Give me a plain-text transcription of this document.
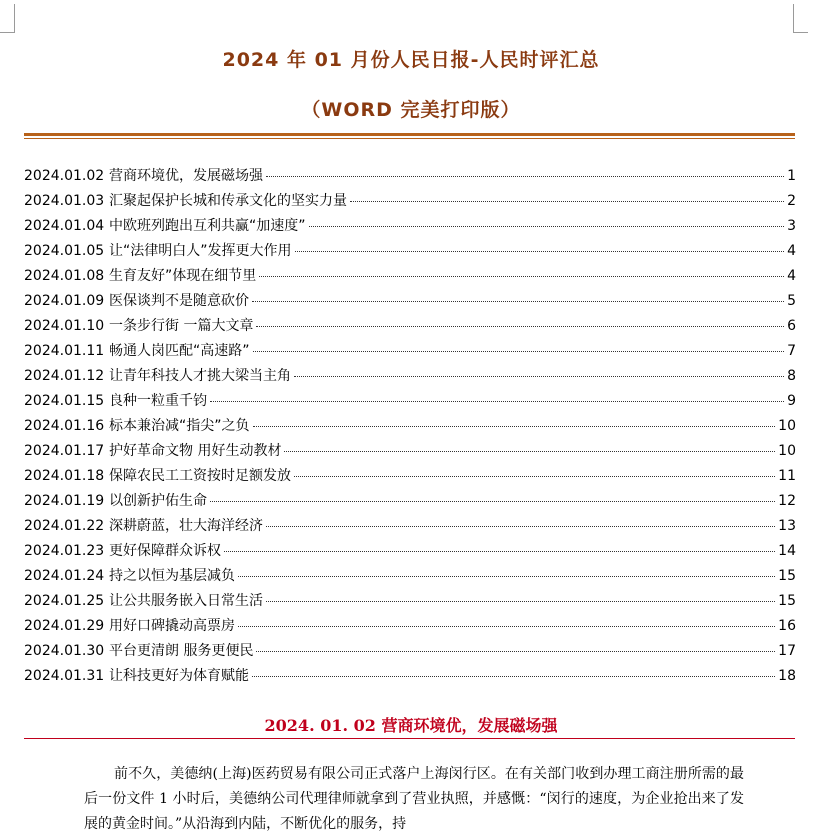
2024 年 01 月份人民日报-人民时评汇总
（WORD 完美打印版）
2024.01.02 营商环境优，发展磁场强	1
2024.01.03 汇聚起保护长城和传承文化的坚实力量	2
2024.01.04 中欧班列跑出互利共赢“加速度”	3
2024.01.05 让“法律明白人”发挥更大作用	4
2024.01.08 生育友好”体现在细节里	4
2024.01.09 医保谈判不是随意砍价	5
2024.01.10 一条步行街 一篇大文章	6
2024.01.11 畅通人岗匹配“高速路”	7
2024.01.12 让青年科技人才挑大梁当主角	8
2024.01.15 良种一粒重千钧	9
2024.01.16 标本兼治减“指尖”之负	10
2024.01.17 护好革命文物 用好生动教材	10
2024.01.18 保障农民工工资按时足额发放	11
2024.01.19 以创新护佑生命	12
2024.01.22 深耕蔚蓝，壮大海洋经济	13
2024.01.23 更好保障群众诉权	14
2024.01.24 持之以恒为基层减负	15
2024.01.25 让公共服务嵌入日常生活	15
2024.01.29 用好口碑撬动高票房	16
2024.01.30 平台更清朗 服务更便民	17
2024.01.31 让科技更好为体育赋能	18
2024. 01. 02 营商环境优，发展磁场强

前不久，美德纳(上海)医药贸易有限公司正式落户上海闵行区。在有关部门收到办理工商注册所需的最后一份文件 1 小时后，美德纳公司代理律师就拿到了营业执照，并感慨：“闵行的速度，为企业抢出来了发展的黄金时间。”从沿海到内陆，不断优化的服务，持
